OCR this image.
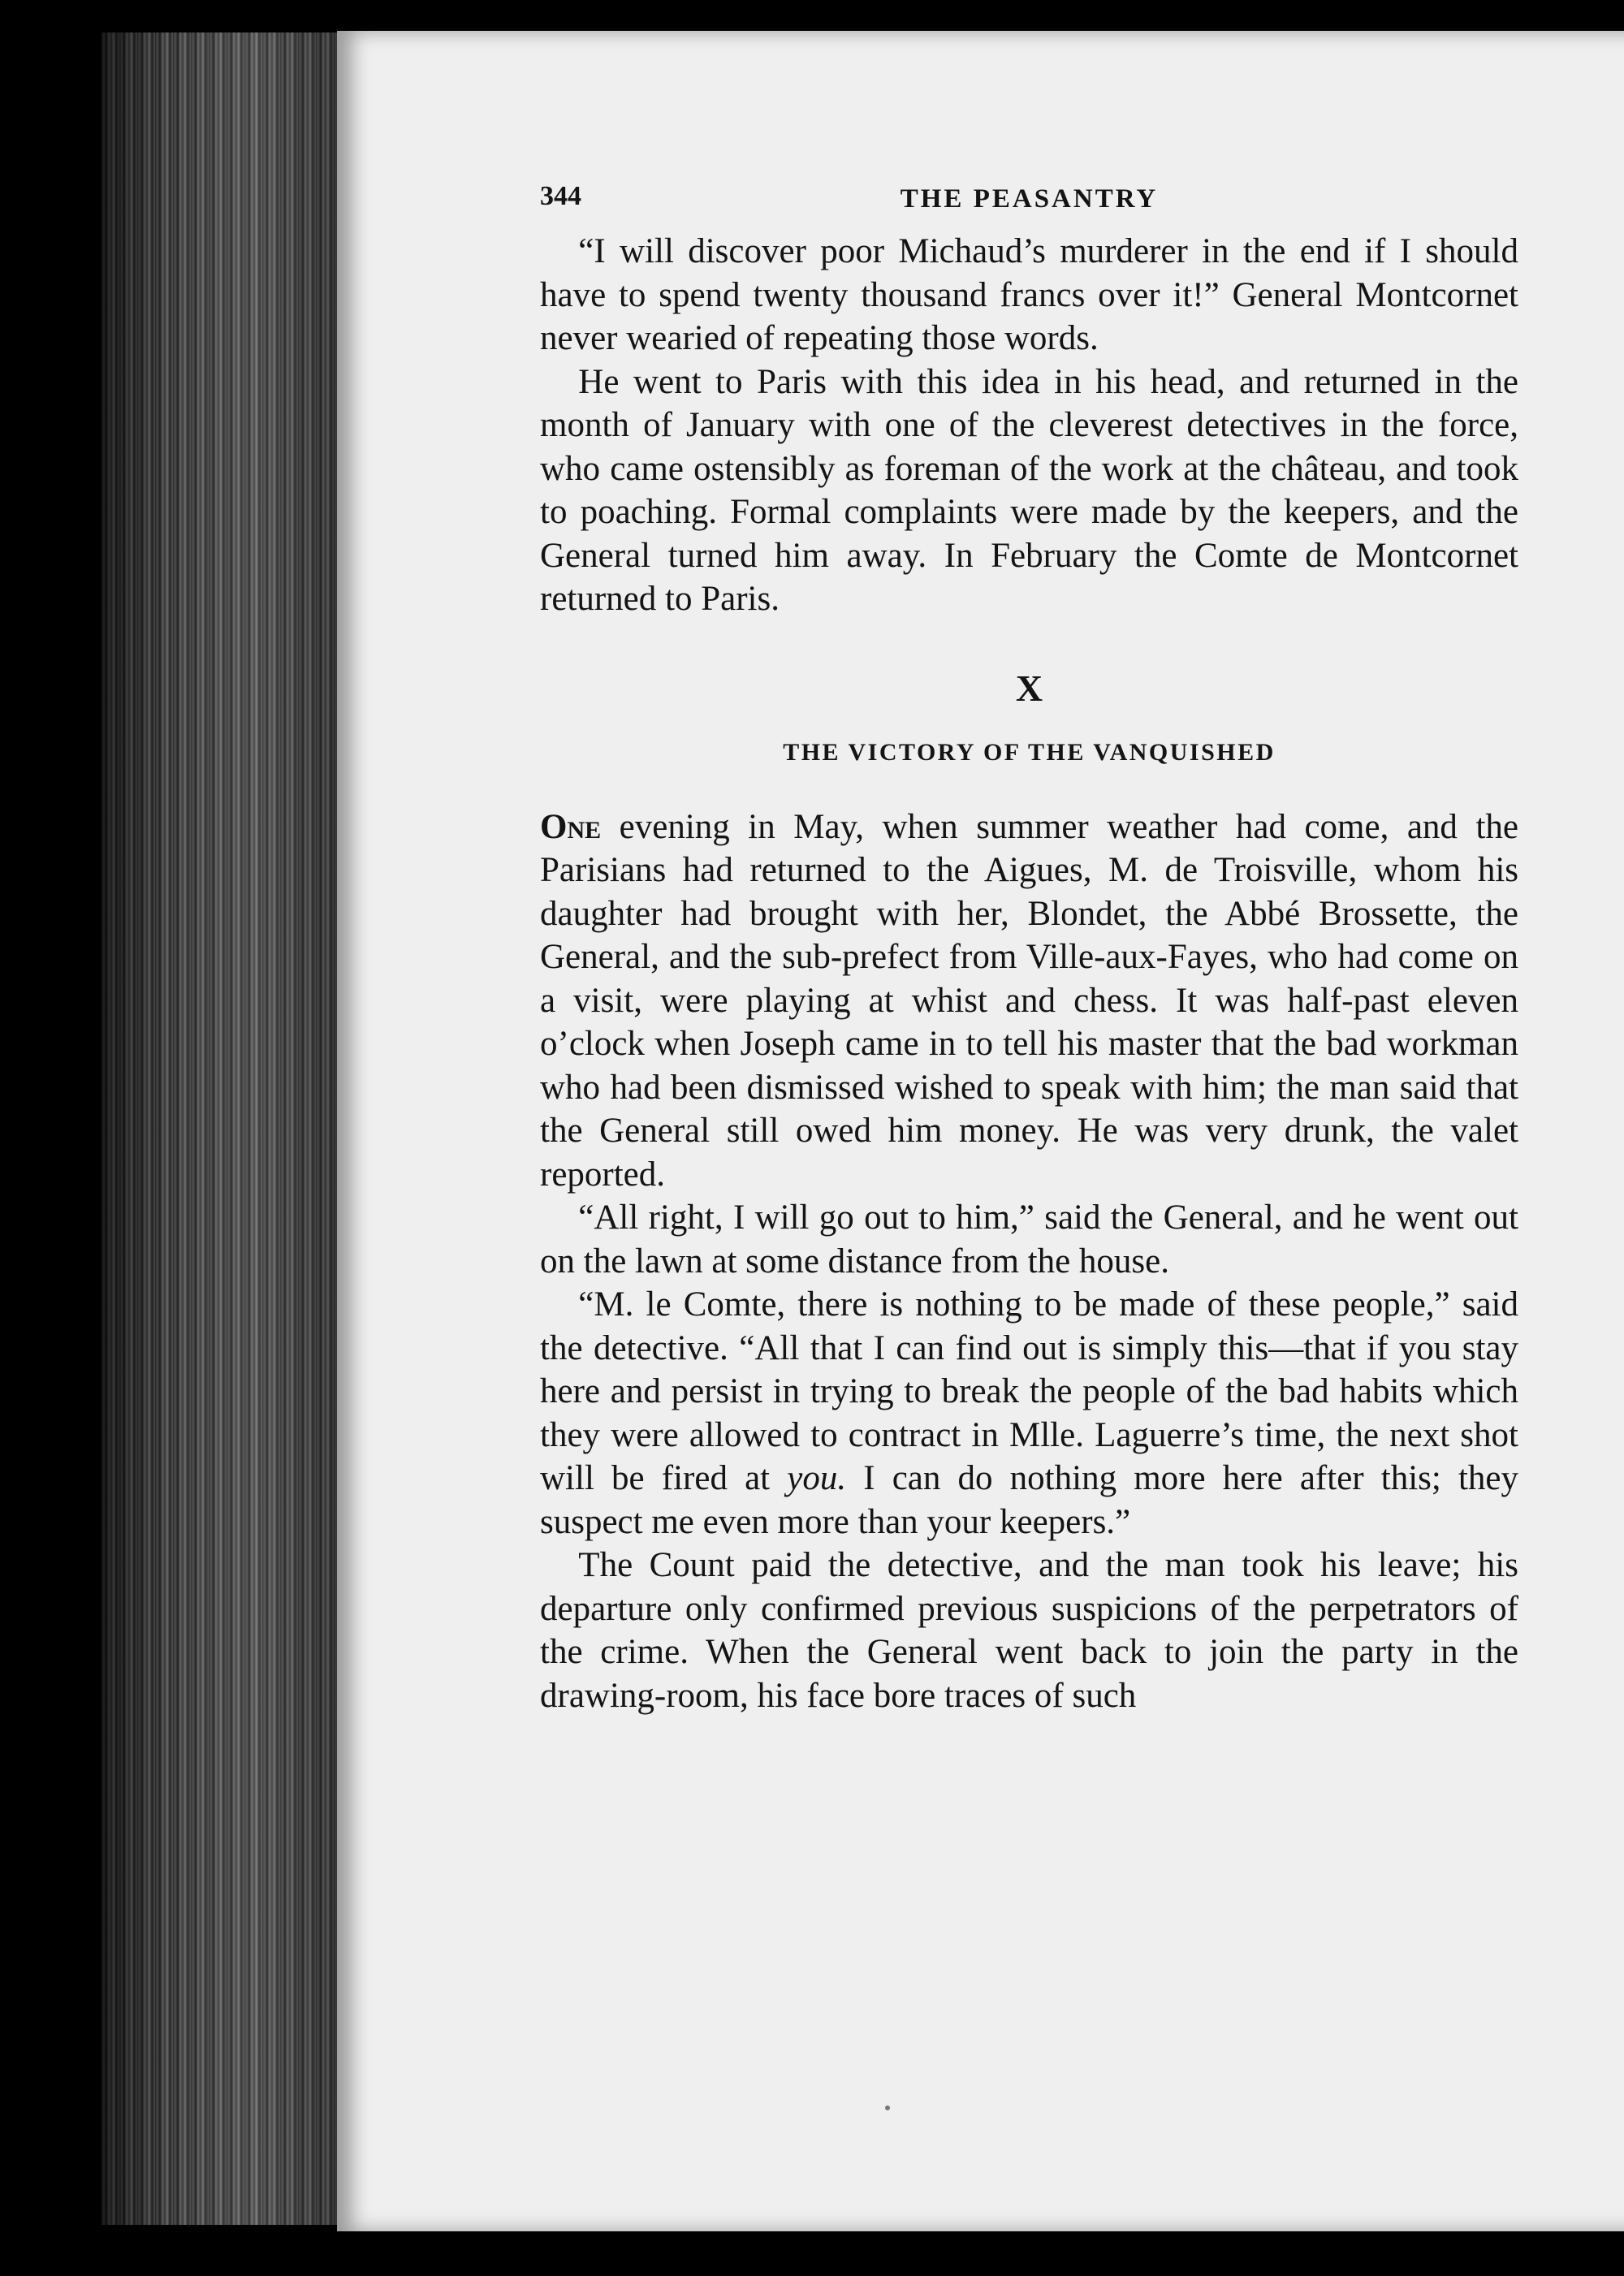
344	THE PEASANTRY

“I will discover poor Michaud’s murderer in the end if I should have to spend twenty thousand francs over it!” General Montcornet never wearied of repeating those words.

He went to Paris with this idea in his head, and returned in the month of January with one of the cleverest detectives in the force, who came ostensibly as foreman of the work at the château, and took to poaching. Formal complaints were made by the keepers, and the General turned him away. In February the Comte de Montcornet returned to Paris.

X
THE VICTORY OF THE VANQUISHED

One evening in May, when summer weather had come, and the Parisians had returned to the Aigues, M. de Troisville, whom his daughter had brought with her, Blondet, the Abbé Brossette, the General, and the sub-prefect from Ville-aux-Fayes, who had come on a visit, were playing at whist and chess. It was half-past eleven o’clock when Joseph came in to tell his master that the bad workman who had been dismissed wished to speak with him; the man said that the General still owed him money. He was very drunk, the valet reported.

“All right, I will go out to him,” said the General, and he went out on the lawn at some distance from the house.

“M. le Comte, there is nothing to be made of these people,” said the detective. “All that I can find out is simply this—that if you stay here and persist in trying to break the people of the bad habits which they were allowed to contract in Mlle. Laguerre’s time, the next shot will be fired at you. I can do nothing more here after this; they suspect me even more than your keepers.”

The Count paid the detective, and the man took his leave; his departure only confirmed previous suspicions of the perpetrators of the crime. When the General went back to join the party in the drawing-room, his face bore traces of such
